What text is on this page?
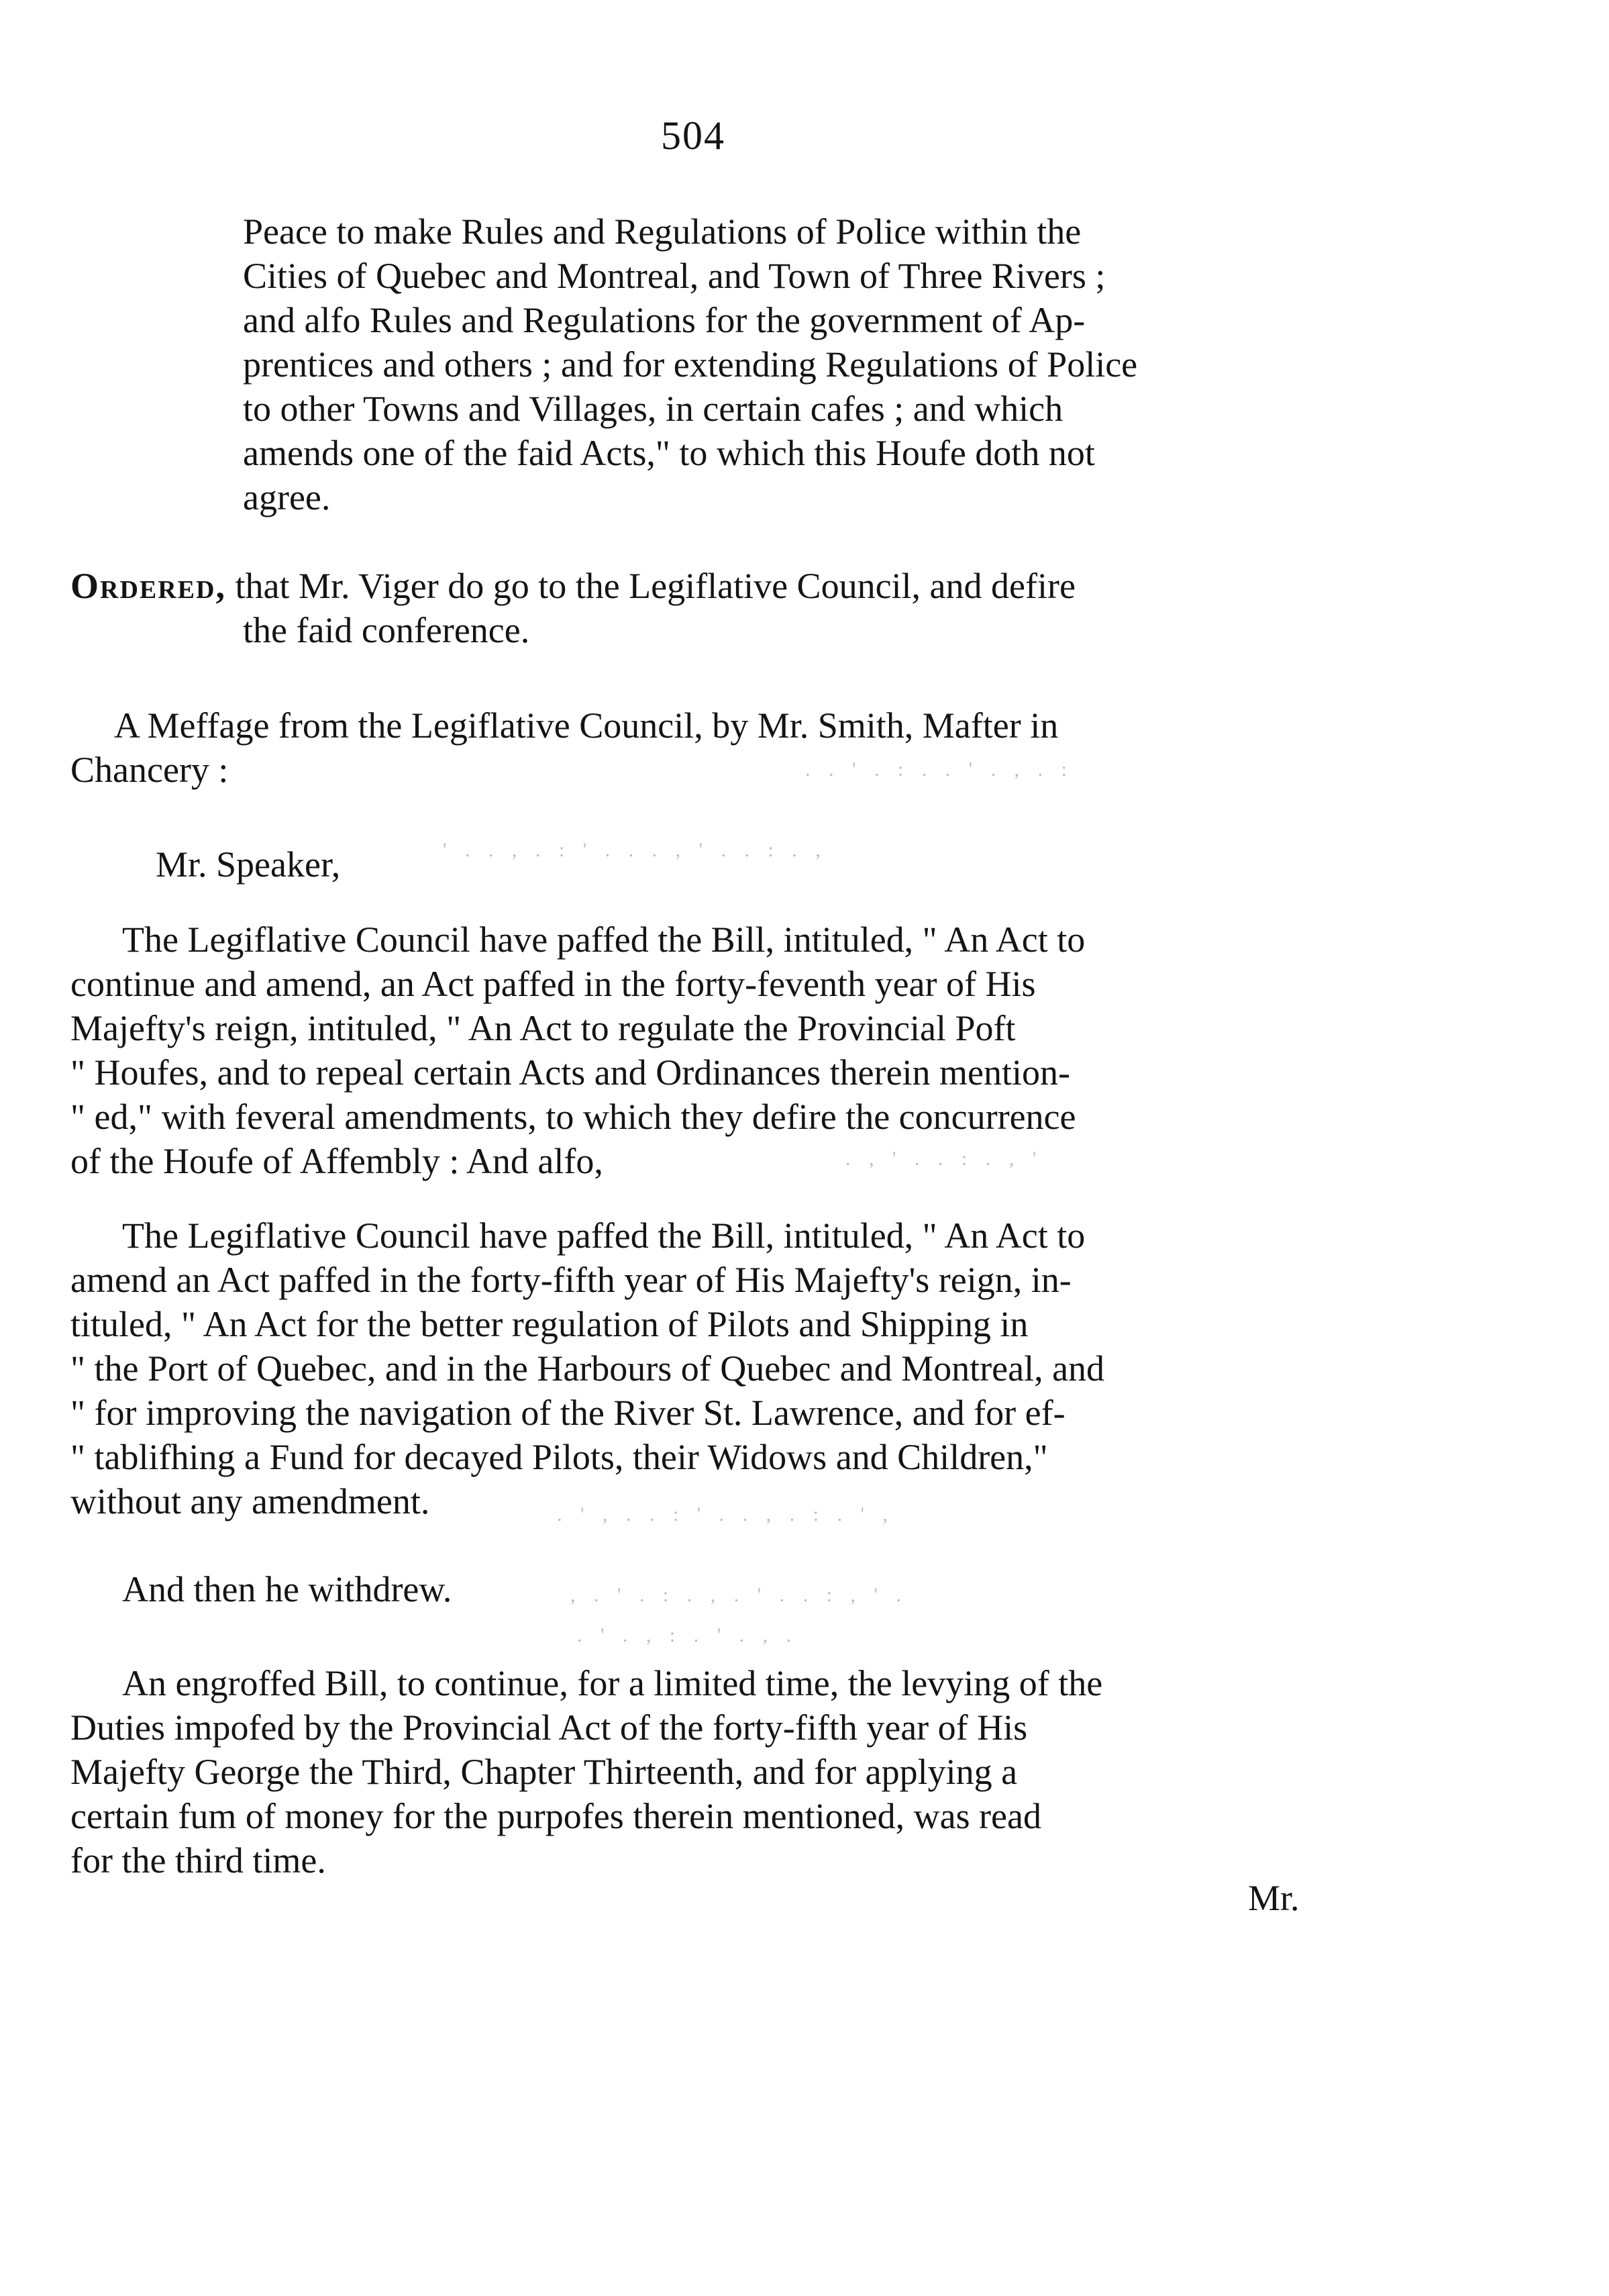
504
Peace to make Rules and Regulations of Police within the
Cities of Quebec and Montreal, and Town of Three Rivers ;
and alfo Rules and Regulations for the government of Ap-
prentices and others ; and for extending Regulations of Police
to other Towns and Villages, in certain cafes ; and which
amends one of the faid Acts," to which this Houfe doth not
agree.
Ordered, that Mr. Viger do go to the Legiflative Council, and defire
the faid conference.
A Meffage from the Legiflative Council, by Mr. Smith, Mafter in
Chancery :
Mr. Speaker,
The Legiflative Council have paffed the Bill, intituled, " An Act to
continue and amend, an Act paffed in the forty-feventh year of His
Majefty's reign, intituled, " An Act to regulate the Provincial Poft
" Houfes, and to repeal certain Acts and Ordinances therein mention-
" ed," with feveral amendments, to which they defire the concurrence
of the Houfe of Affembly : And alfo,
The Legiflative Council have paffed the Bill, intituled, " An Act to
amend an Act paffed in the forty-fifth year of His Majefty's reign, in-
tituled, " An Act for the better regulation of Pilots and Shipping in
" the Port of Quebec, and in the Harbours of Quebec and Montreal, and
" for improving the navigation of the River St. Lawrence, and for ef-
" tablifhing a Fund for decayed Pilots, their Widows and Children,"
without any amendment.
And then he withdrew.
An engroffed Bill, to continue, for a limited time, the levying of the
Duties impofed by the Provincial Act of the forty-fifth year of His
Majefty George the Third, Chapter Thirteenth, and for applying a
certain fum of money for the purpofes therein mentioned, was read
for the third time.
Mr.
. . ' . : . . ' . , . :
' . . , . : ' . . . , ' . . : . ,
. , ' . . : . , '
. ' , . . : ' . . , . : . ' ,
, . ' . : . , . ' . . : , ' .
. ' . , : . ' . , .
